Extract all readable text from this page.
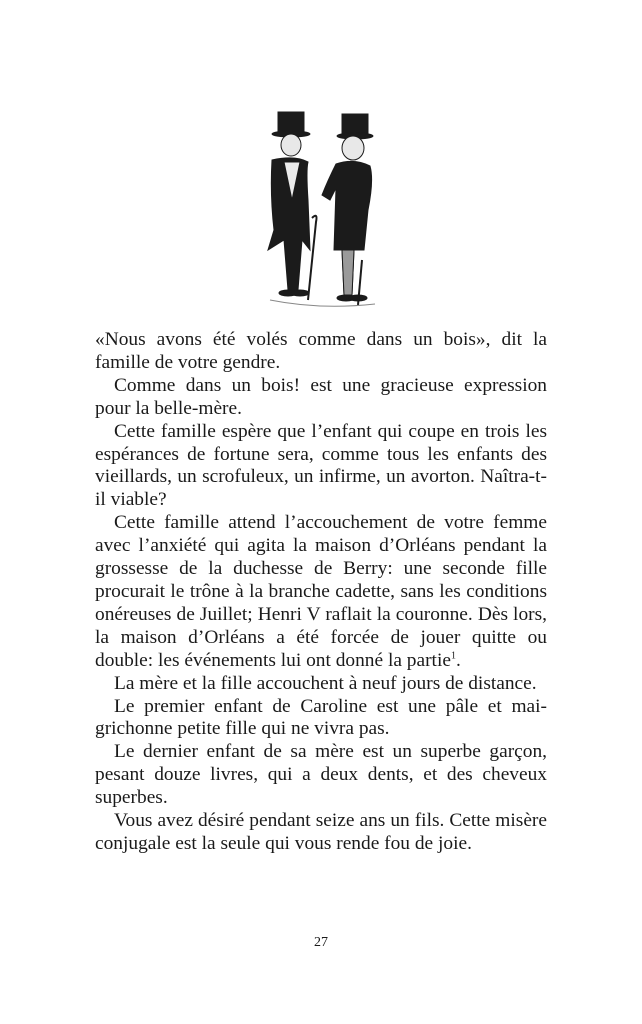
«Nous avons été volés comme dans un bois», dit la famille de votre gendre.

Comme dans un bois! est une gracieuse expression pour la belle-mère.

Cette famille espère que l’enfant qui coupe en trois les espérances de fortune sera, comme tous les enfants des vieillards, un scrofuleux, un infirme, un avorton. Naîtra-t-il viable?

Cette famille attend l’accouchement de votre femme avec l’anxiété qui agita la maison d’Orléans pendant la grossesse de la duchesse de Berry: une seconde fille procurait le trône à la branche cadette, sans les conditions onéreuses de Juillet; Henri V raflait la couronne. Dès lors, la maison d’Orléans a été forcée de jouer quitte ou double: les événements lui ont donné la partie$^1$.

La mère et la fille accouchent à neuf jours de distance.

Le premier enfant de Caroline est une pâle et maigrichonne petite fille qui ne vivra pas.

Le dernier enfant de sa mère est un superbe garçon, pesant douze livres, qui a deux dents, et des cheveux superbes.

Vous avez désiré pendant seize ans un fils. Cette misère conjugale est la seule qui vous rende fou de joie.

27
